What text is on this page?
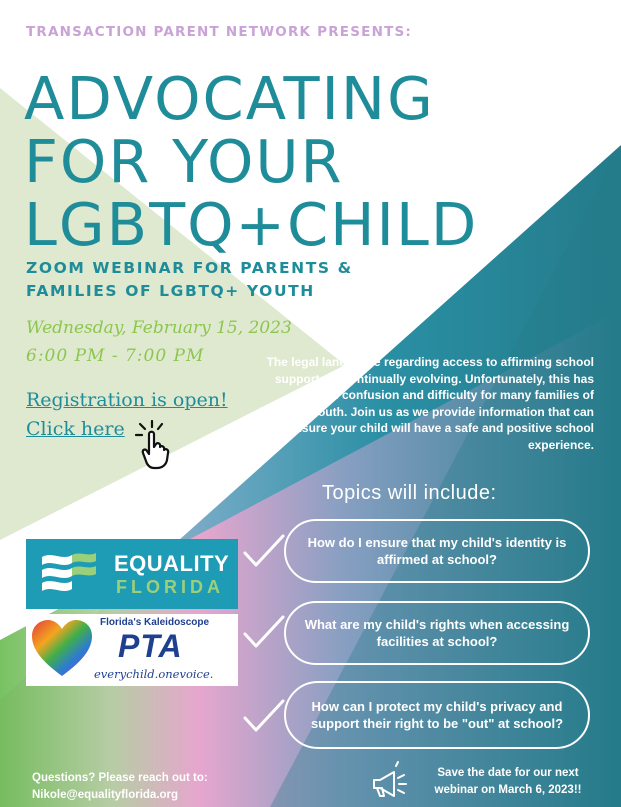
TRANSACTION PARENT NETWORK PRESENTS:
ADVOCATING
FOR YOUR
LGBTQ+CHILD
ZOOM WEBINAR FOR PARENTS &
FAMILIES OF LGBTQ+ YOUTH
Wednesday, February 15, 2023
6:00 PM - 7:00 PM
Registration is open!
Click here
The legal landscape regarding access to affirming school supports is continually evolving. Unfortunately, this has caused confusion and difficulty for many families of LGBTQ+ youth. Join us as we provide information that can help ensure your child will have a safe and positive school experience.
Topics will include:
How do I ensure that my child's identity is affirmed at school?
What are my child's rights when accessing facilities at school?
How can I protect my child's privacy and support their right to be "out" at school?
EQUALITY
FLORIDA
Florida's Kaleidoscope
PTA
everychild.onevoice.
Questions? Please reach out to:
Nikole@equalityflorida.org
Save the date for our next
webinar on March 6, 2023!!
